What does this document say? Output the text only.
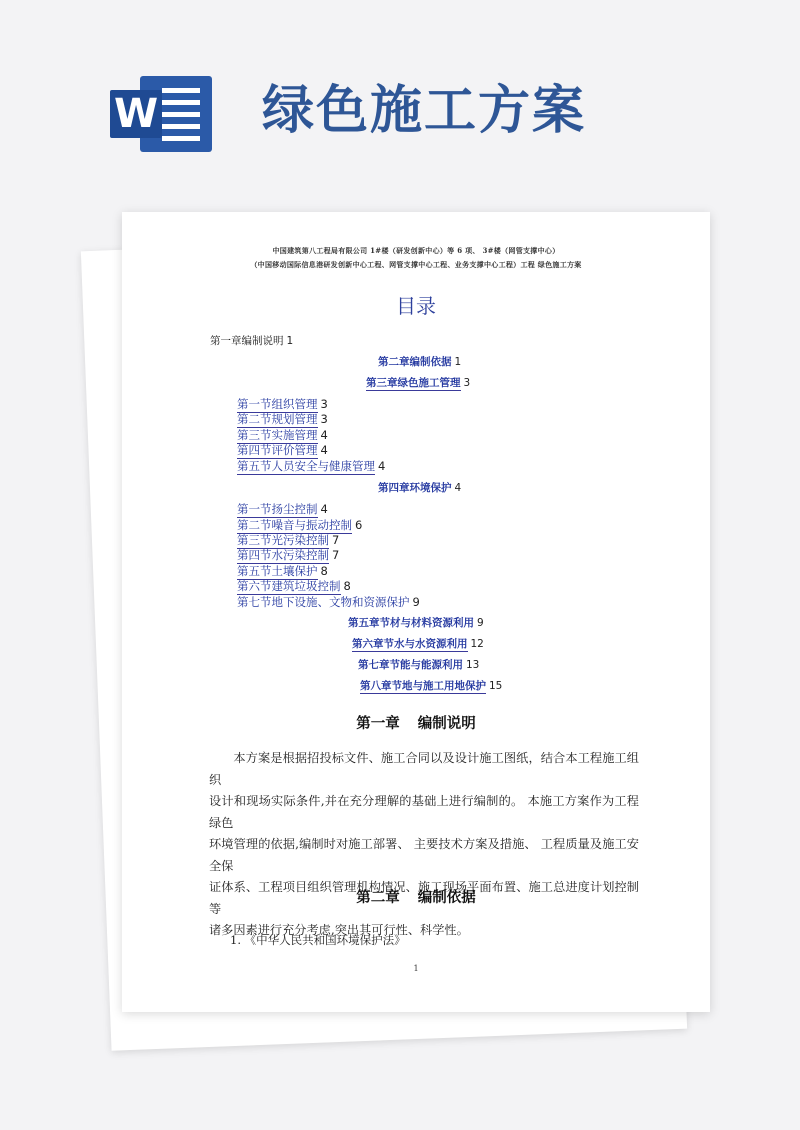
W 绿色施工方案
中国建筑第八工程局有限公司 1#楼（研发创新中心）等 6 项、 3#楼（网管支撑中心）
（中国移动国际信息港研发创新中心工程、网管支撑中心工程、业务支撑中心工程）工程 绿色施工方案
目录
第一章编制说明 1
第二章编制依据 1
第三章绿色施工管理 3
第一节组织管理 3
第二节规划管理 3
第三节实施管理 4
第四节评价管理 4
第五节人员安全与健康管理 4
第四章环境保护 4
第一节扬尘控制 4
第二节噪音与振动控制 6
第三节光污染控制 7
第四节水污染控制 7
第五节土壤保护 8
第六节建筑垃圾控制 8
第七节地下设施、文物和资源保护 9
第五章节材与材料资源利用 9
第六章节水与水资源利用 12
第七章节能与能源利用 13
第八章节地与施工用地保护 15
第一章 编制说明
本方案是根据招投标文件、施工合同以及设计施工图纸，结合本工程施工组织
设计和现场实际条件,并在充分理解的基础上进行编制的。 本施工方案作为工程绿色
环境管理的依据,编制时对施工部署、 主要技术方案及措施、 工程质量及施工安全保
证体系、工程项目组织管理机构情况、施工现场平面布置、施工总进度计划控制等
诸多因素进行充分考虑,突出其可行性、科学性。
第二章 编制依据
1. 《中华人民共和国环境保护法》
1
